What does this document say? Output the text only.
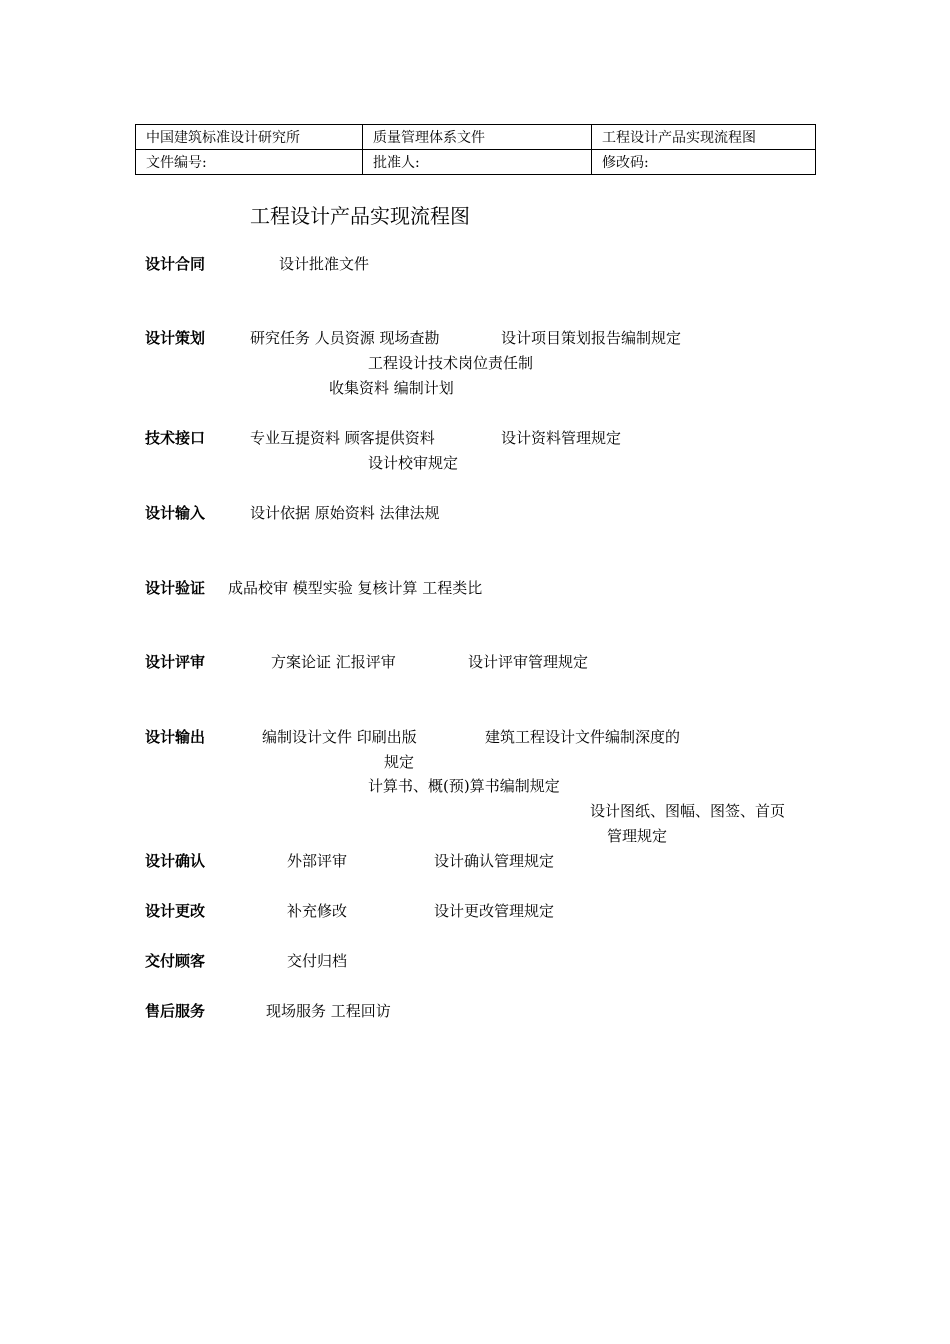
中国建筑标准设计研究所	质量管理体系文件	工程设计产品实现流程图
文件编号:	批准人:	修改码:
工程设计产品实现流程图
设计合同	设计批准文件
设计策划	研究任务 人员资源 现场查勘	设计项目策划报告编制规定
工程设计技术岗位责任制
收集资料 编制计划
技术接口	专业互提资料 顾客提供资料	设计资料管理规定
设计校审规定
设计输入	设计依据 原始资料 法律法规
设计验证 成品校审 模型实验 复核计算 工程类比
设计评审	方案论证 汇报评审	设计评审管理规定
设计输出	编制设计文件 印刷出版	建筑工程设计文件编制深度的
规定
计算书、概(预)算书编制规定
设计图纸、图幅、图签、首页
管理规定
设计确认	外部评审	设计确认管理规定
设计更改	补充修改	设计更改管理规定
交付顾客	交付归档
售后服务	现场服务 工程回访
